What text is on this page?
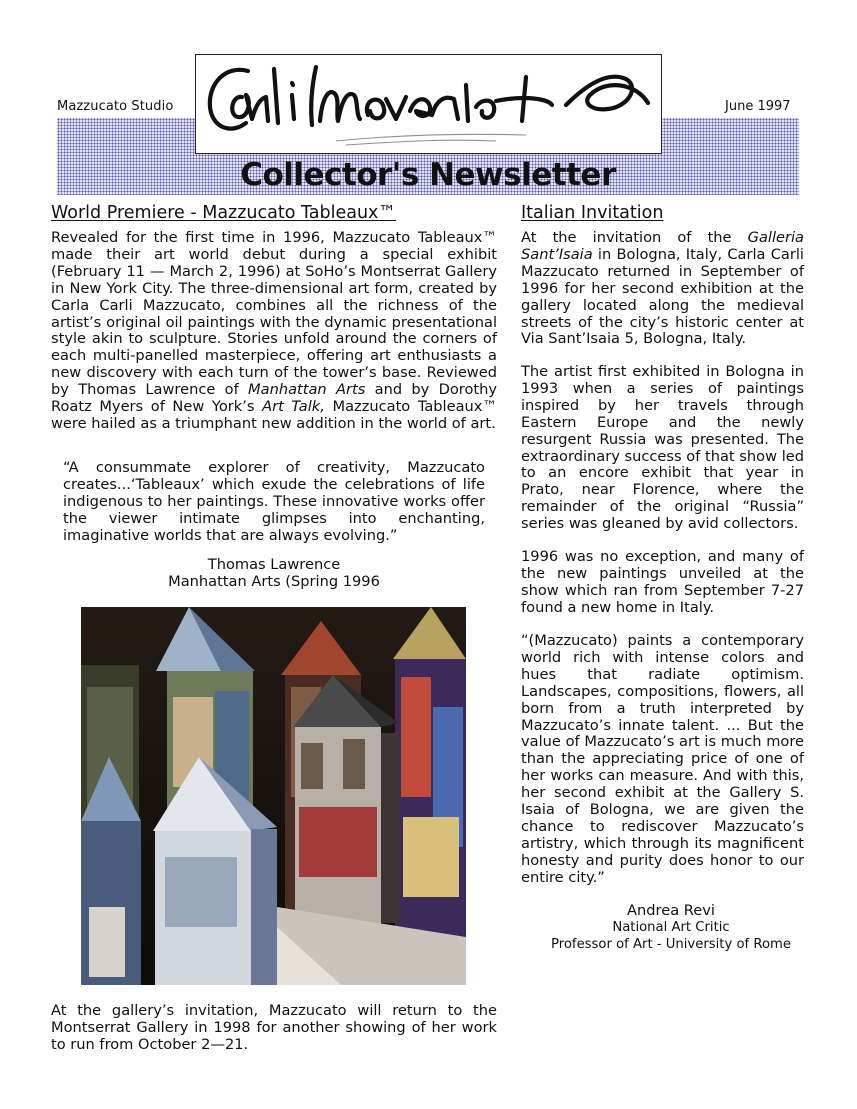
Mazzucato Studio	June 1997
Collector's Newsletter
World Premiere - Mazzucato Tableaux™

Revealed for the first time in 1996, Mazzucato Tableaux™ made their art world debut during a special exhibit (February 11 — March 2, 1996) at SoHo’s Montserrat Gallery in New York City. The three-dimensional art form, created by Carla Carli Mazzucato, combines all the richness of the artist’s original oil paintings with the dynamic presentational style akin to sculpture. Stories unfold around the corners of each multi-panelled masterpiece, offering art enthusiasts a new discovery with each turn of the tower’s base. Reviewed by Thomas Lawrence of Manhattan Arts and by Dorothy Roatz Myers of New York’s Art Talk, Mazzucato Tableaux™ were hailed as a triumphant new addition in the world of art.

“A consummate explorer of creativity, Mazzucato creates...‘Tableaux’ which exude the celebrations of life indigenous to her paintings. These innovative works offer the viewer intimate glimpses into enchanting, imaginative worlds that are always evolving.”

Thomas Lawrence
Manhattan Arts (Spring 1996

At the gallery’s invitation, Mazzucato will return to the Montserrat Gallery in 1998 for another showing of her work to run from October 2—21.

Italian Invitation

At the invitation of the Galleria Sant’Isaia in Bologna, Italy, Carla Carli Mazzucato returned in September of 1996 for her second exhibition at the gallery located along the medieval streets of the city’s historic center at Via Sant’Isaia 5, Bologna, Italy.

The artist first exhibited in Bologna in 1993 when a series of paintings inspired by her travels through Eastern Europe and the newly resurgent Russia was presented. The extraordinary success of that show led to an encore exhibit that year in Prato, near Florence, where the remainder of the original “Russia” series was gleaned by avid collectors.

1996 was no exception, and many of the new paintings unveiled at the show which ran from September 7-27 found a new home in Italy.

“(Mazzucato) paints a contemporary world rich with intense colors and hues that radiate optimism. Landscapes, compositions, flowers, all born from a truth interpreted by Mazzucato’s innate talent. ... But the value of Mazzucato’s art is much more than the appreciating price of one of her works can measure. And with this, her second exhibit at the Gallery S. Isaia of Bologna, we are given the chance to rediscover Mazzucato’s artistry, which through its magnificent honesty and purity does honor to our entire city.”

Andrea Revi
National Art Critic
Professor of Art - University of Rome
